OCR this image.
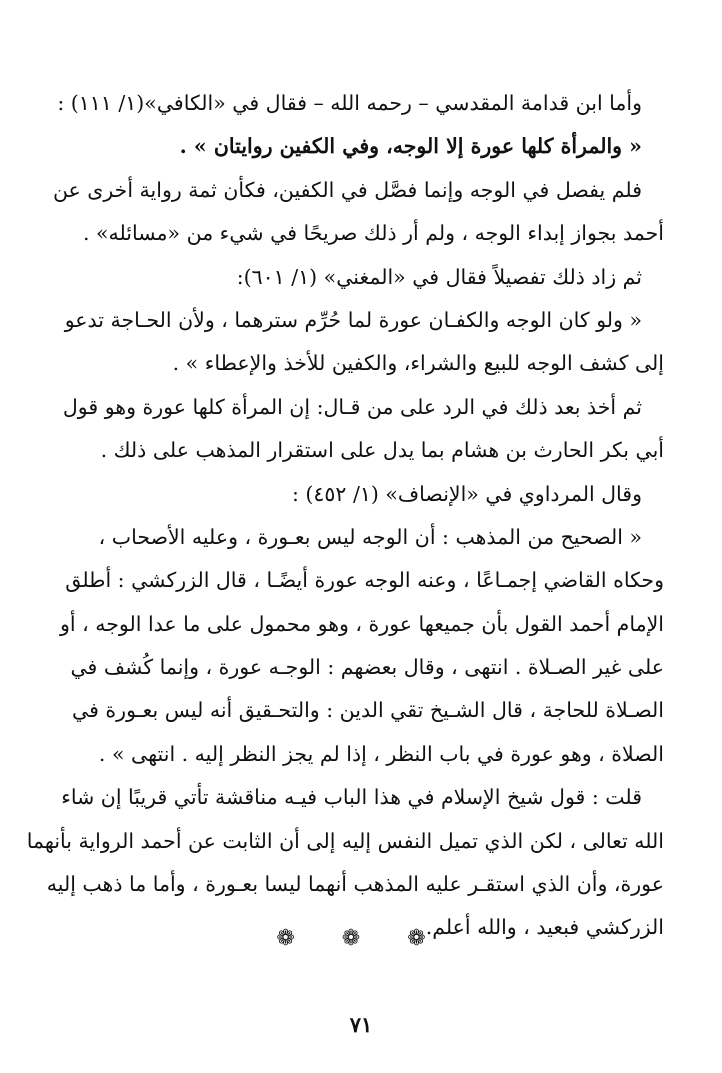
وأما ابن قدامة المقدسي – رحمه الله – فقال في «الكافي»(١/ ١١١) :
« والمرأة كلها عورة إلا الوجه، وفي الكفين روايتان » .
فلم يفصل في الوجه وإنما فصَّل في الكفين، فكأن ثمة رواية أخرى عن
أحمد بجواز إبداء الوجه ، ولم أر ذلك صريحًا في شيء من «مسائله» .
ثم زاد ذلك تفصيلاً فقال في «المغني» (١/ ٦٠١):
« ولو كان الوجه والكفـان عورة لما حُرِّم سترهما ، ولأن الحـاجة تدعو
إلى كشف الوجه للبيع والشراء، والكفين للأخذ والإعطاء » .
ثم أخذ بعد ذلك في الرد على من قـال: إن المرأة كلها عورة وهو قول
أبي بكر الحارث بن هشام بما يدل على استقرار المذهب على ذلك .
وقال المرداوي في «الإنصاف» (١/ ٤٥٢) :
« الصحيح من المذهب : أن الوجه ليس بعـورة ، وعليه الأصحاب ،
وحكاه القاضي إجمـاعًا ، وعنه الوجه عورة أيضًـا ، قال الزركشي : أطلق
الإمام أحمد القول بأن جميعها عورة ، وهو محمول على ما عدا الوجه ، أو
على غير الصـلاة . انتهى ، وقال بعضهم : الوجـه عورة ، وإنما كُشف في
الصـلاة للحاجة ، قال الشـيخ تقي الدين : والتحـقيق أنه ليس بعـورة في
الصلاة ، وهو عورة في باب النظر ، إذا لم يجز النظر إليه . انتهى » .
قلت : قول شيخ الإسلام في هذا الباب فيـه مناقشة تأتي قريبًا إن شاء
الله تعالى ، لكن الذي تميل النفس إليه إلى أن الثابت عن أحمد الرواية بأنهما
عورة، وأن الذي استقـر عليه المذهب أنهما ليسا بعـورة ، وأما ما ذهب إليه
الزركشي فبعيد ، والله أعلم.
❁ ❁ ❁
٧١
